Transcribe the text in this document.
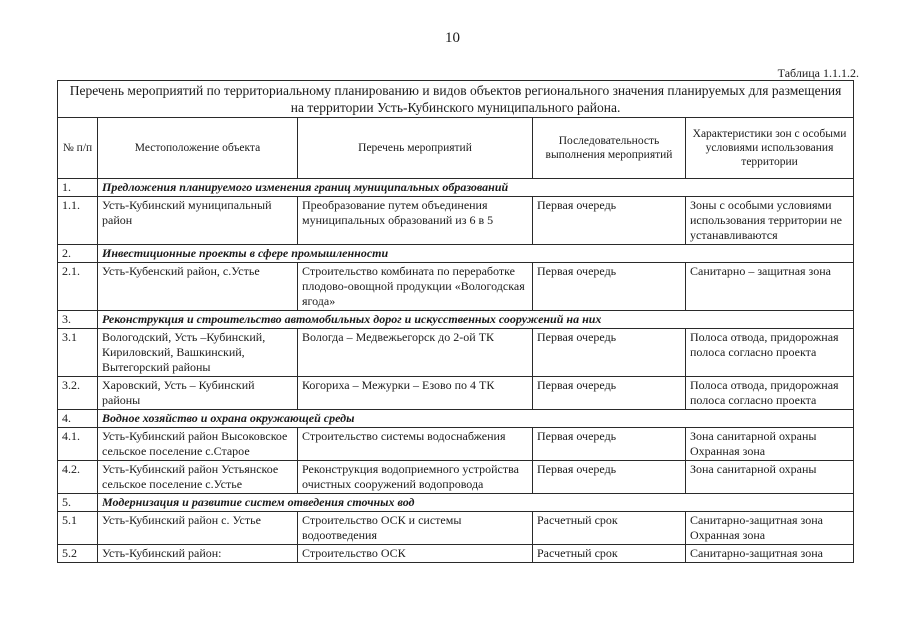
10
Таблица 1.1.1.2.
Перечень мероприятий по территориальному планированию и видов объектов регионального значения планируемых для размещения на территории Усть-Кубинского муниципального района.				
№ п/п	Местоположение объекта	Перечень мероприятий	Последовательность выполнения мероприятий	Характеристики зон с особыми условиями использования территории
1.	Предложения планируемого изменения границ муниципальных образований			
1.1.	Усть-Кубинский муниципальный район	Преобразование путем объединения муниципальных образований из 6 в 5	Первая очередь	Зоны с особыми условиями использования территории не устанавливаются
2.	Инвестиционные проекты в сфере промышленности			
2.1.	Усть-Кубенский район, с.Устье	Строительство комбината по переработке плодово-овощной продукции «Вологодская ягода»	Первая очередь	Санитарно – защитная зона
3.	Реконструкция и строительство автомобильных дорог и искусственных сооружений на них			
3.1	Вологодский, Усть –Кубинский, Кириловский, Вашкинский, Вытегорский районы	Вологда – Медвежьегорск до 2-ой ТК	Первая очередь	Полоса отвода, придорожная полоса согласно проекта
3.2.	Харовский, Усть – Кубинский районы	Когориха – Межурки – Езово по 4 ТК	Первая очередь	Полоса отвода, придорожная полоса согласно проекта
4.	Водное хозяйство и охрана окружающей среды			
4.1.	Усть-Кубинский район Высоковское сельское поселение с.Старое	Строительство системы водоснабжения	Первая очередь	Зона санитарной охраны Охранная зона
4.2.	Усть-Кубинский район Устьянское сельское поселение с.Устье	Реконструкция водоприемного устройства очистных сооружений водопровода	Первая очередь	Зона санитарной охраны
5.	Модернизация и развитие систем отведения сточных вод			
5.1	Усть-Кубинский район с. Устье	Строительство ОСК и системы водоотведения	Расчетный срок	Санитарно-защитная зона Охранная зона
5.2	Усть-Кубинский район:	Строительство ОСК	Расчетный срок	Санитарно-защитная зона
